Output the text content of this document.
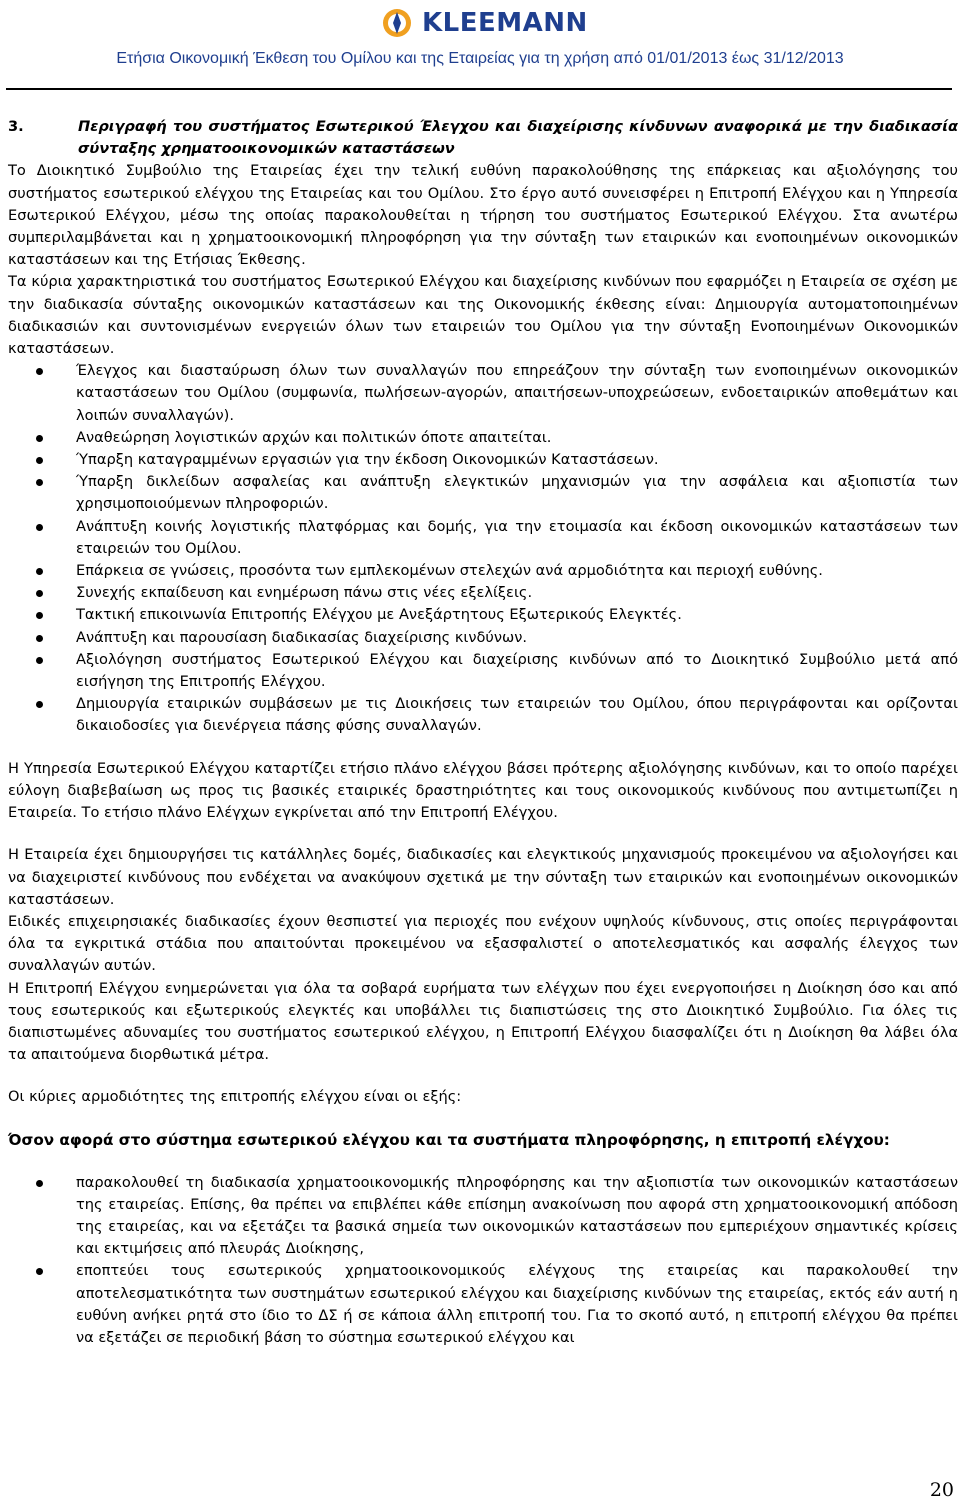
KLEEMANN
Ετήσια Οικονομική Έκθεση του Ομίλου και της Εταιρείας για τη χρήση από 01/01/2013 έως 31/12/2013
3.	Περιγραφή του συστήματος Εσωτερικού Έλεγχου και διαχείρισης κίνδυνων αναφορικά με την διαδικασία σύνταξης χρηματοοικονομικών καταστάσεων

Το Διοικητικό Συμβούλιο της Εταιρείας έχει την τελική ευθύνη παρακολούθησης της επάρκειας και αξιολόγησης του συστήματος εσωτερικού ελέγχου της Εταιρείας και του Ομίλου. Στο έργο αυτό συνεισφέρει η Επιτροπή Ελέγχου και η Υπηρεσία Εσωτερικού Ελέγχου, μέσω της οποίας παρακολουθείται η τήρηση του συστήματος Εσωτερικού Ελέγχου. Στα ανωτέρω συμπεριλαμβάνεται και η χρηματοοικονομική πληροφόρηση για την σύνταξη των εταιρικών και ενοποιημένων οικονομικών καταστάσεων και της Ετήσιας Έκθεσης.

Τα κύρια χαρακτηριστικά του συστήματος Εσωτερικού Ελέγχου και διαχείρισης κινδύνων που εφαρμόζει η Εταιρεία σε σχέση με την διαδικασία σύνταξης οικονομικών καταστάσεων και της Οικονομικής έκθεσης είναι: Δημιουργία αυτοματοποιημένων διαδικασιών και συντονισμένων ενεργειών όλων των εταιρειών του Ομίλου για την σύνταξη Ενοποιημένων Οικονομικών καταστάσεων.

Έλεγχος και διασταύρωση όλων των συναλλαγών που επηρεάζουν την σύνταξη των ενοποιημένων οικονομικών καταστάσεων του Ομίλου (συμφωνία, πωλήσεων-αγορών, απαιτήσεων-υποχρεώσεων, ενδοεταιρικών αποθεμάτων και λοιπών συναλλαγών).
Αναθεώρηση λογιστικών αρχών και πολιτικών όποτε απαιτείται.
Ύπαρξη καταγραμμένων εργασιών για την έκδοση Οικονομικών Καταστάσεων.
Ύπαρξη δικλείδων ασφαλείας και ανάπτυξη ελεγκτικών μηχανισμών για την ασφάλεια και αξιοπιστία των χρησιμοποιούμενων πληροφοριών.
Ανάπτυξη κοινής λογιστικής πλατφόρμας και δομής, για την ετοιμασία και έκδοση οικονομικών καταστάσεων των εταιρειών του Ομίλου.
Επάρκεια σε γνώσεις, προσόντα των εμπλεκομένων στελεχών ανά αρμοδιότητα και περιοχή ευθύνης.
Συνεχής εκπαίδευση και ενημέρωση πάνω στις νέες εξελίξεις.
Τακτική επικοινωνία Επιτροπής Ελέγχου με Ανεξάρτητους Εξωτερικούς Ελεγκτές.
Ανάπτυξη και παρουσίαση διαδικασίας διαχείρισης κινδύνων.
Αξιολόγηση συστήματος Εσωτερικού Ελέγχου και διαχείρισης κινδύνων από το Διοικητικό Συμβούλιο μετά από εισήγηση της Επιτροπής Ελέγχου.
Δημιουργία εταιρικών συμβάσεων με τις Διοικήσεις των εταιρειών του Ομίλου, όπου περιγράφονται και ορίζονται δικαιοδοσίες για διενέργεια πάσης φύσης συναλλαγών.

Η Υπηρεσία Εσωτερικού Ελέγχου καταρτίζει ετήσιο πλάνο ελέγχου βάσει πρότερης αξιολόγησης κινδύνων, και το οποίο παρέχει εύλογη διαβεβαίωση ως προς τις βασικές εταιρικές δραστηριότητες και τους οικονομικούς κινδύνους που αντιμετωπίζει η Εταιρεία. Το ετήσιο πλάνο Ελέγχων εγκρίνεται από την Επιτροπή Ελέγχου.

Η Εταιρεία έχει δημιουργήσει τις κατάλληλες δομές, διαδικασίες και ελεγκτικούς μηχανισμούς προκειμένου να αξιολογήσει και να διαχειριστεί κινδύνους που ενδέχεται να ανακύψουν σχετικά με την σύνταξη των εταιρικών και ενοποιημένων οικονομικών καταστάσεων.

Ειδικές επιχειρησιακές διαδικασίες έχουν θεσπιστεί για περιοχές που ενέχουν υψηλούς κίνδυνους, στις οποίες περιγράφονται όλα τα εγκριτικά στάδια που απαιτούνται προκειμένου να εξασφαλιστεί ο αποτελεσματικός και ασφαλής έλεγχος των συναλλαγών αυτών.

Η Επιτροπή Ελέγχου ενημερώνεται για όλα τα σοβαρά ευρήματα των ελέγχων που έχει ενεργοποιήσει η Διοίκηση όσο και από τους εσωτερικούς και εξωτερικούς ελεγκτές και υποβάλλει τις διαπιστώσεις της στο Διοικητικό Συμβούλιο. Για όλες τις διαπιστωμένες αδυναμίες του συστήματος εσωτερικού ελέγχου, η Επιτροπή Ελέγχου διασφαλίζει ότι η Διοίκηση θα λάβει όλα τα απαιτούμενα διορθωτικά μέτρα.

Οι κύριες αρμοδιότητες της επιτροπής ελέγχου είναι οι εξής:

Όσον αφορά στο σύστημα εσωτερικού ελέγχου και τα συστήματα πληροφόρησης, η επιτροπή ελέγχου:

παρακολουθεί τη διαδικασία χρηματοοικονομικής πληροφόρησης και την αξιοπιστία των οικονομικών καταστάσεων της εταιρείας. Επίσης, θα πρέπει να επιβλέπει κάθε επίσημη ανακοίνωση που αφορά στη χρηματοοικονομική απόδοση της εταιρείας, και να εξετάζει τα βασικά σημεία των οικονομικών καταστάσεων που εμπεριέχουν σημαντικές κρίσεις και εκτιμήσεις από πλευράς Διοίκησης,
εποπτεύει τους εσωτερικούς χρηματοοικονομικούς ελέγχους της εταιρείας και παρακολουθεί την αποτελεσματικότητα των συστημάτων εσωτερικού ελέγχου και διαχείρισης κινδύνων της εταιρείας, εκτός εάν αυτή η ευθύνη ανήκει ρητά στο ίδιο το ΔΣ ή σε κάποια άλλη επιτροπή του. Για το σκοπό αυτό, η επιτροπή ελέγχου θα πρέπει να εξετάζει σε περιοδική βάση το σύστημα εσωτερικού ελέγχου και
20
